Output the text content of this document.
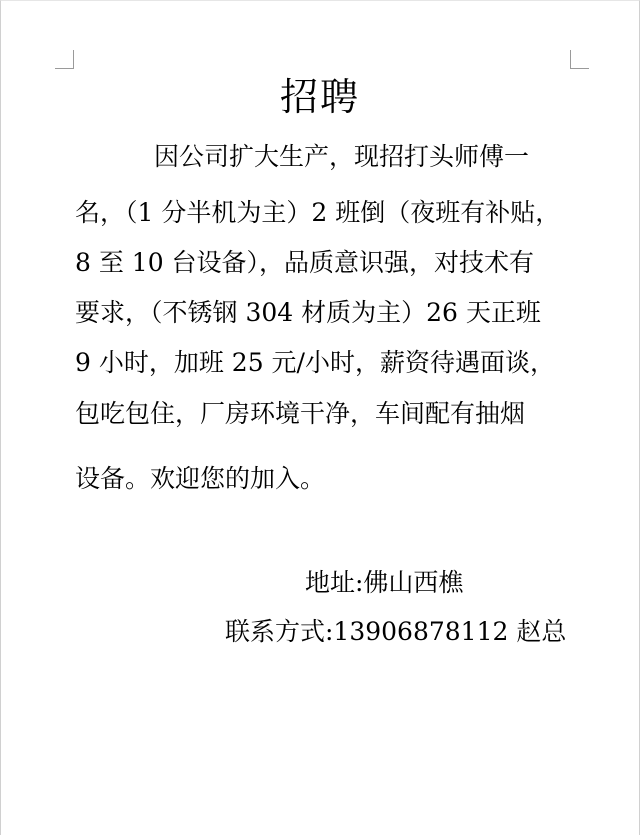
招聘
因公司扩大生产，现招打头师傅一
名，（1 分半机为主）2 班倒（夜班有补贴，
8 至 10 台设备），品质意识强，对技术有
要求，（不锈钢 304 材质为主）26 天正班
9 小时，加班 25 元/小时，薪资待遇面谈，
包吃包住，厂房环境干净，车间配有抽烟
设备。欢迎您的加入。
地址:佛山西樵
联系方式:13906878112 赵总
